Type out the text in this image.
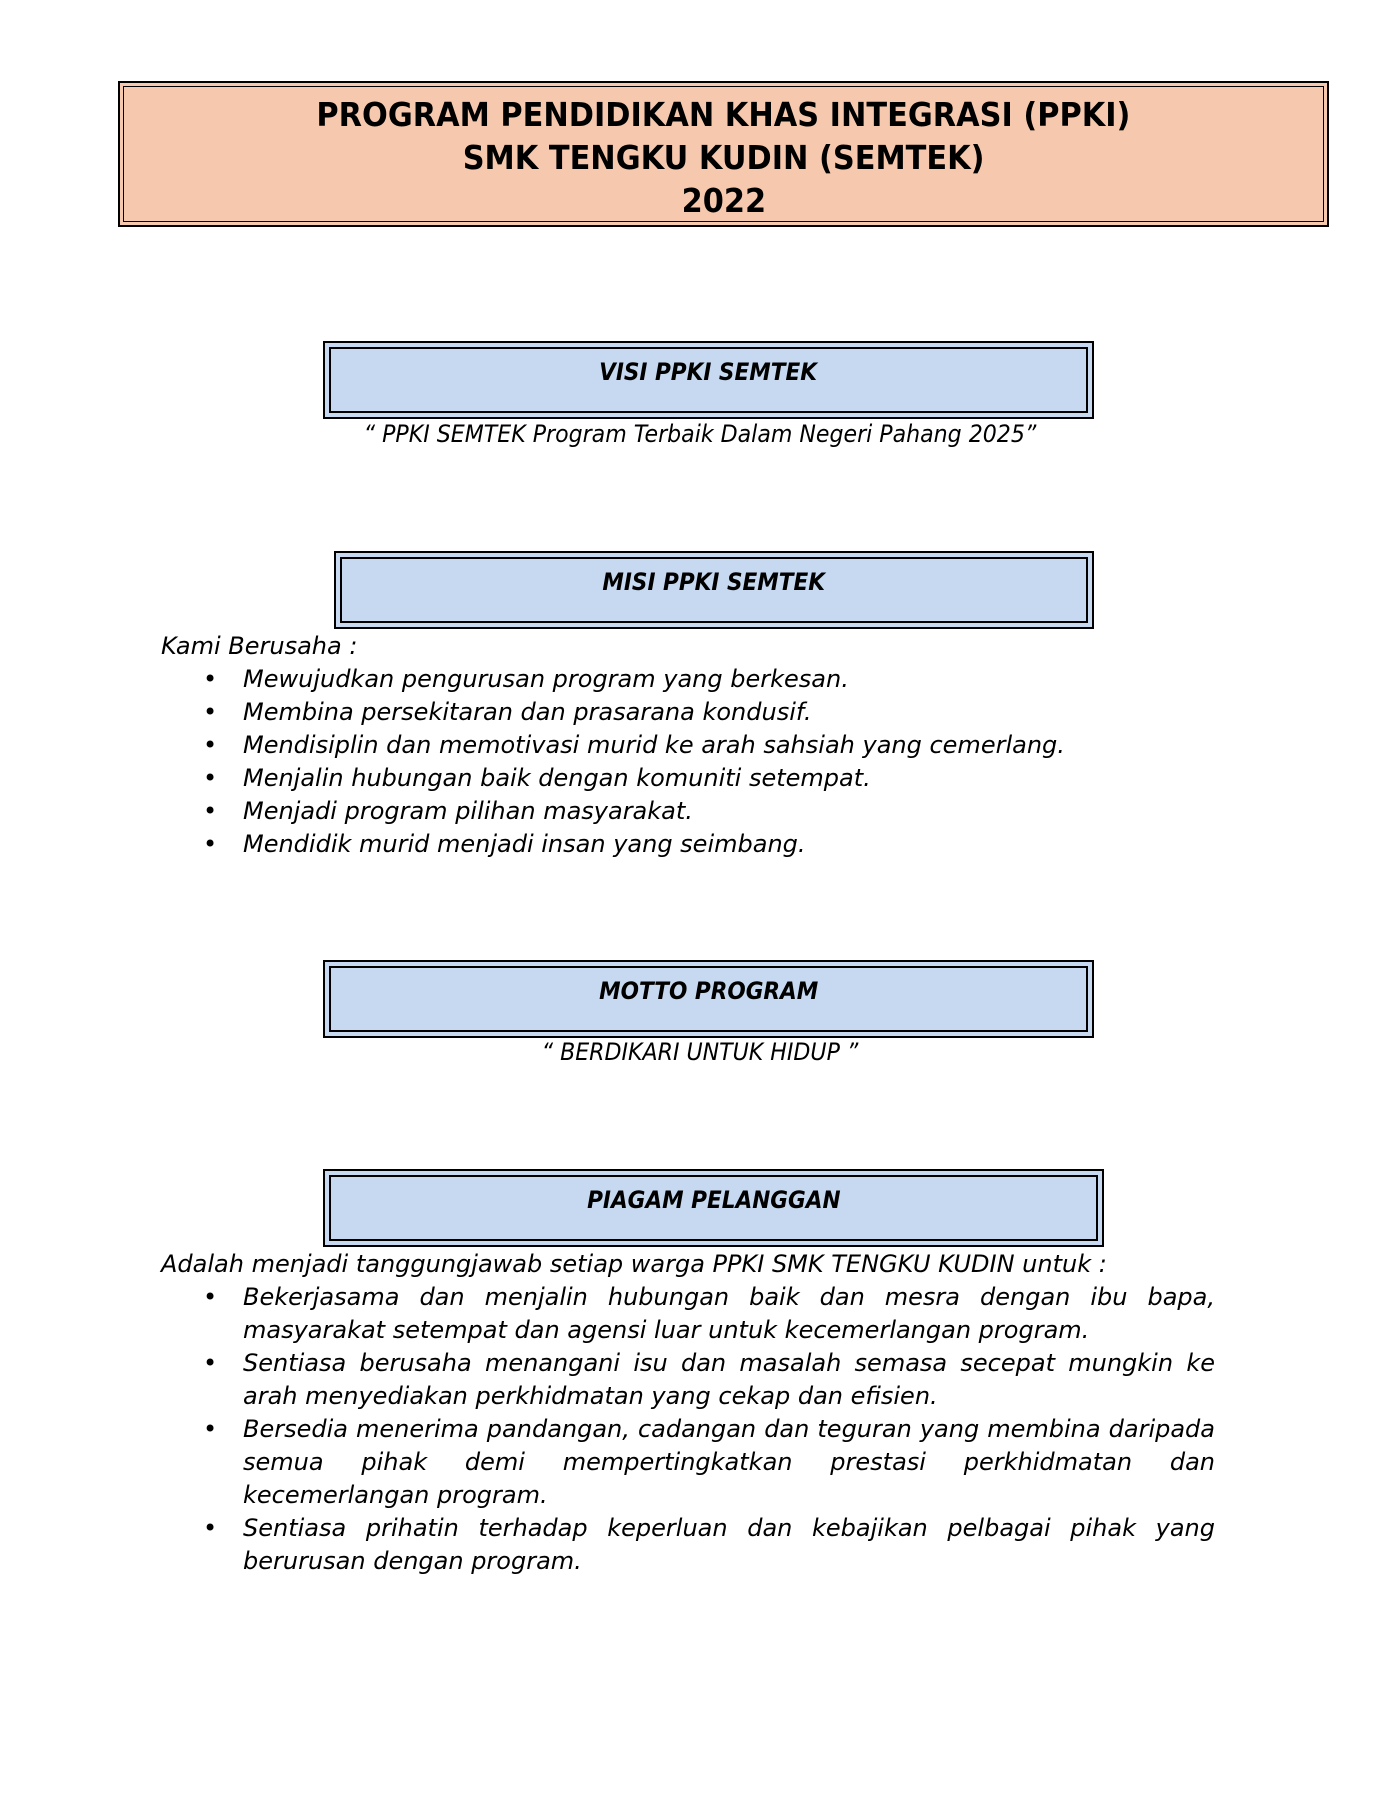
PROGRAM PENDIDIKAN KHAS INTEGRASI (PPKI)
SMK TENGKU KUDIN (SEMTEK)
2022
VISI PPKI SEMTEK
“ PPKI SEMTEK Program Terbaik Dalam Negeri Pahang 2025”
MISI PPKI SEMTEK
Kami Berusaha :
• Mewujudkan pengurusan program yang berkesan.
• Membina persekitaran dan prasarana kondusif.
• Mendisiplin dan memotivasi murid ke arah sahsiah yang cemerlang.
• Menjalin hubungan baik dengan komuniti setempat.
• Menjadi program pilihan masyarakat.
• Mendidik murid menjadi insan yang seimbang.
MOTTO PROGRAM
“ BERDIKARI UNTUK HIDUP ”
PIAGAM PELANGGAN
Adalah menjadi tanggungjawab setiap warga PPKI SMK TENGKU KUDIN untuk :
• Bekerjasama dan menjalin hubungan baik dan mesra dengan ibu bapa, masyarakat setempat dan agensi luar untuk kecemerlangan program.
• Sentiasa berusaha menangani isu dan masalah semasa secepat mungkin ke arah menyediakan perkhidmatan yang cekap dan efisien.
• Bersedia menerima pandangan, cadangan dan teguran yang membina daripada semua pihak demi mempertingkatkan prestasi perkhidmatan dan kecemerlangan program.
• Sentiasa prihatin terhadap keperluan dan kebajikan pelbagai pihak yang berurusan dengan program.
